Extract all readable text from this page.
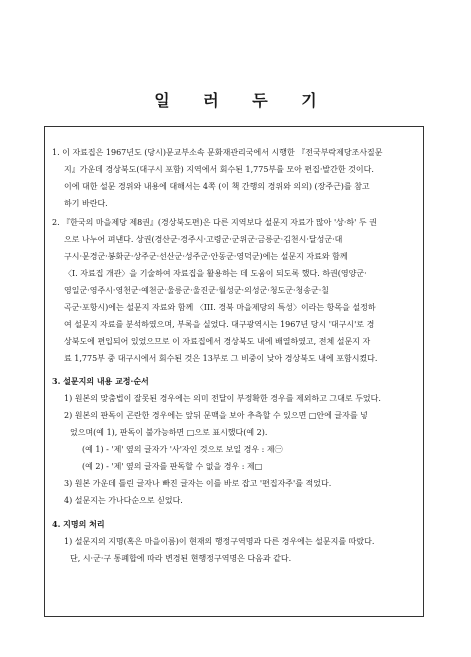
일 러 두 기
1. 이 자료집은 1967년도 (당시)문교부소속 문화재관리국에서 시행한 『전국부락제당조사질문
지』가운데 경상북도(대구시 포함) 지역에서 회수된 1,775부를 모아 편집·발간한 것이다.
이에 대한 설문 경위와 내용에 대해서는 4쪽 (이 책 간행의 경위와 의의) (장주근)를 참고
하기 바란다.
2. 『한국의 마을제당 제8권』(경상북도편)은 다른 지역보다 설문지 자료가 많아 '상·하' 두 권
으로 나누어 펴낸다. 상권(경산군·경주시·고령군·군위군·금릉군·김천시·달성군·대
구시·문경군·봉화군·상주군·선산군·성주군·안동군·영덕군)에는 설문지 자료와 함께
〈I. 자료집 개관〉을 기술하여 자료집을 활용하는 데 도움이 되도록 했다. 하권(영양군·
영일군·영주시·영천군·예천군·울릉군·울진군·월성군·의성군·청도군·청송군·칠
곡군·포항시)에는 설문지 자료와 함께 〈III. 경북 마을제당의 특성〉이라는 항목을 설정하
여 설문지 자료를 분석하였으며, 부록을 실었다. 대구광역시는 1967년 당시 '대구시'로 경
상북도에 편입되어 있었으므로 이 자료집에서 경상북도 내에 배열하였고, 전체 설문지 자
료 1,775부 중 대구시에서 회수된 것은 13부로 그 비중이 낮아 경상북도 내에 포함시켰다.
3. 설문지의 내용 교정·순서
1) 원본의 맞춤법이 잘못된 경우에는 의미 전달이 부정확한 경우를 제외하고 그대로 두었다.
2) 원본의 판독이 곤란한 경우에는 앞뒤 문맥을 보아 추측할 수 있으면 □안에 글자를 넣
었으며(예 1), 판독이 불가능하면 □으로 표시했다(예 2).
(예 1) - '제' 옆의 글자가 '사'자인 것으로 보일 경우 : 제㊀
(예 2) - '제' 옆의 글자를 판독할 수 없을 경우 : 제□
3) 원본 가운데 틀린 글자나 빠진 글자는 이를 바로 잡고 '편집자주'를 적었다.
4) 설문지는 가나다순으로 싣었다.
4. 지명의 처리
1) 설문지의 지명(혹은 마을이름)이 현재의 행정구역명과 다른 경우에는 설문지를 따랐다.
단, 시·군·구 통폐합에 따라 변경된 현행정구역명은 다음과 같다.
